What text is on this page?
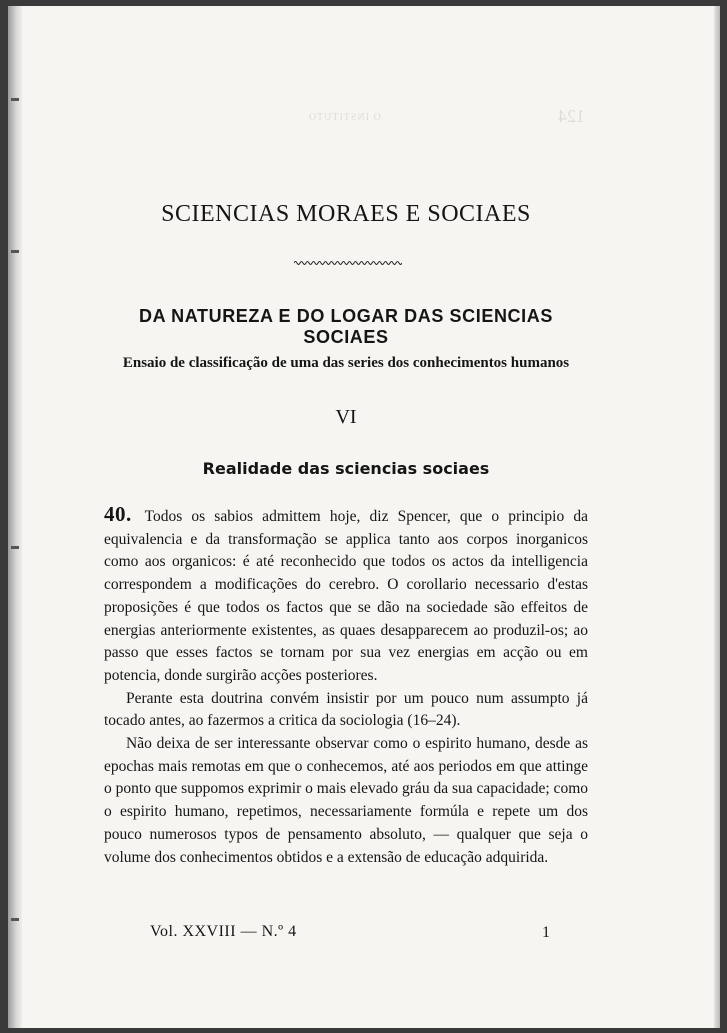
O INSTITUTO	124
SCIENCIAS MORAES E SOCIAES
DA NATUREZA E DO LOGAR DAS SCIENCIAS SOCIAES
Ensaio de classificação de uma das series dos conhecimentos humanos
VI
Realidade das sciencias sociaes

40. Todos os sabios admittem hoje, diz Spencer, que o principio da equivalencia e da transformação se applica tanto aos corpos inorganicos como aos organicos: é até reconhecido que todos os actos da intelligencia correspondem a modificações do cerebro. O corollario necessario d'estas proposições é que todos os factos que se dão na sociedade são effeitos de energias anteriormente existentes, as quaes desapparecem ao produzil-os; ao passo que esses factos se tornam por sua vez energias em acção ou em potencia, donde surgirão acções posteriores.

Perante esta doutrina convém insistir por um pouco num assumpto já tocado antes, ao fazermos a critica da sociologia (16–24).

Não deixa de ser interessante observar como o espirito humano, desde as epochas mais remotas em que o conhecemos, até aos periodos em que attinge o ponto que suppomos exprimir o mais elevado gráu da sua capacidade; como o espirito humano, repetimos, necessariamente formúla e repete um dos pouco numerosos typos de pensamento absoluto, — qualquer que seja o volume dos conhecimentos obtidos e a extensão de educação adquirida.

Vol. XXVIII — N.º 4	1
